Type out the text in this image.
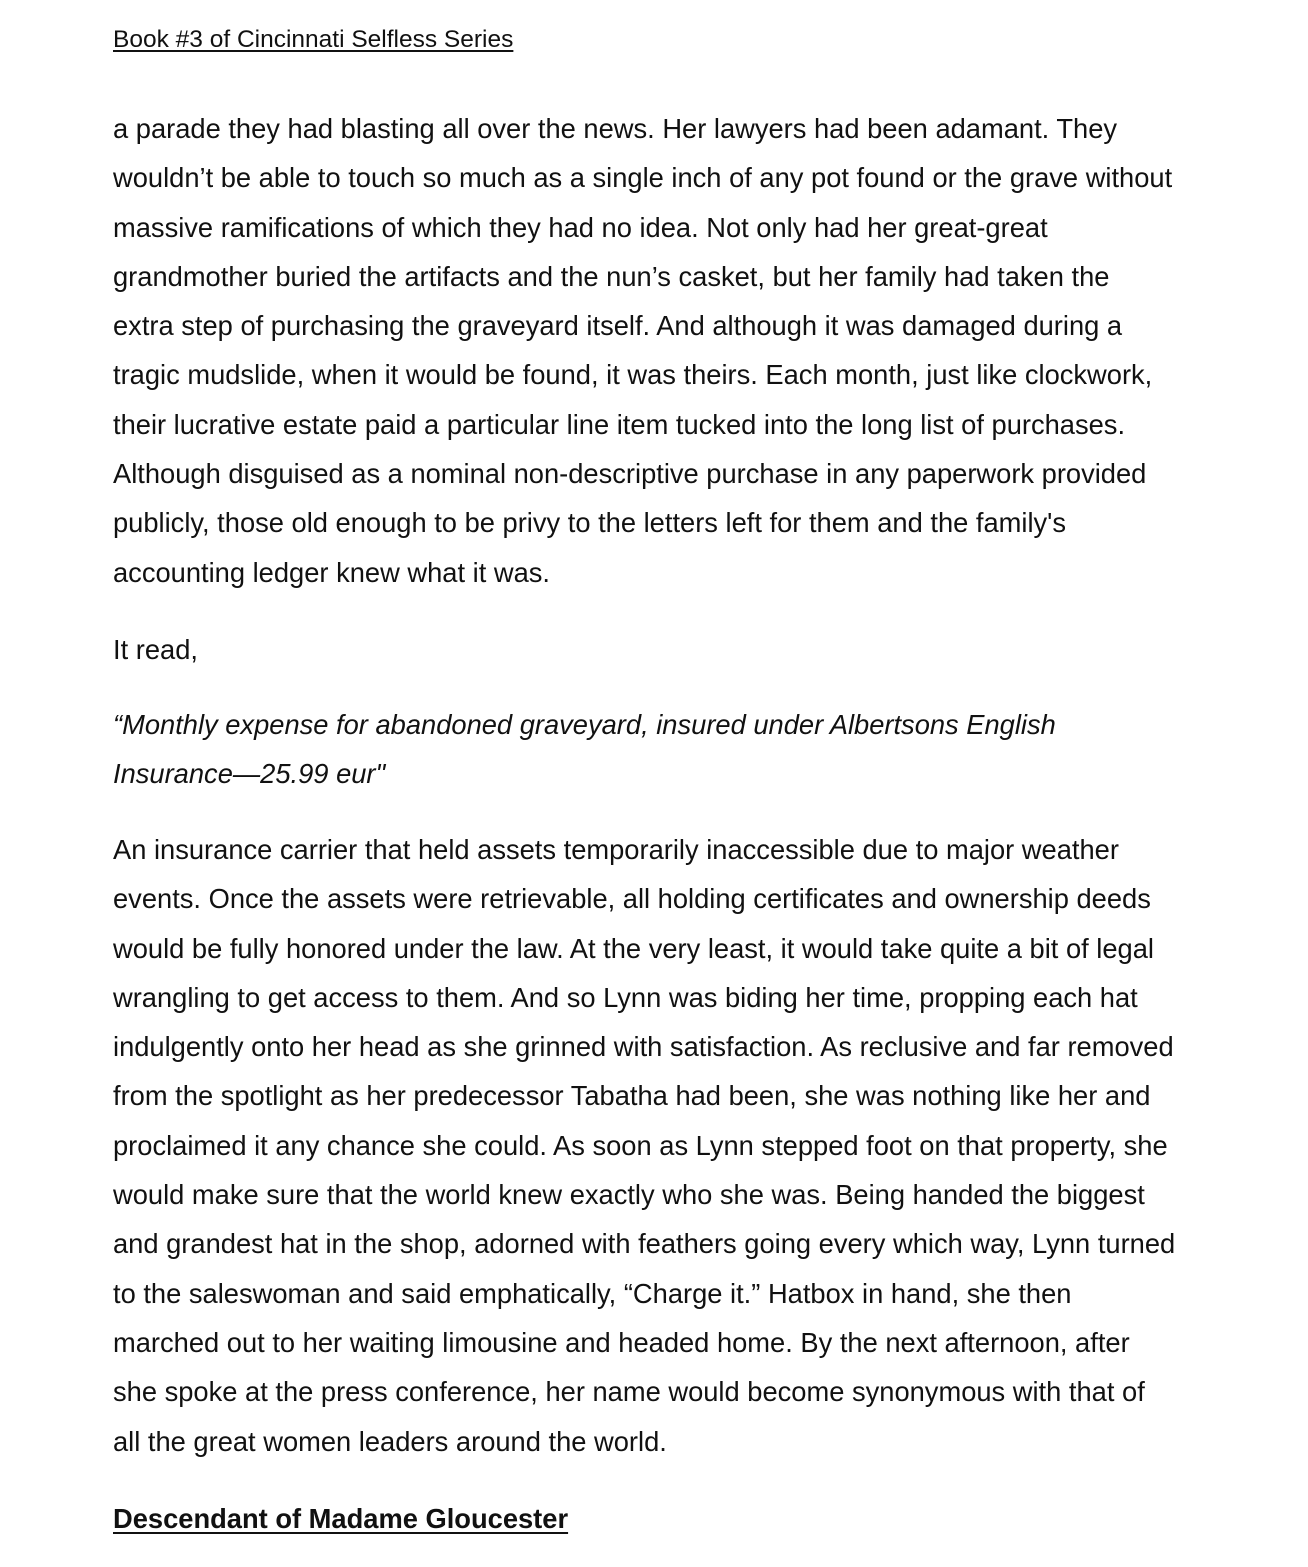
Book #3 of Cincinnati Selfless Series

a parade they had blasting all over the news. Her lawyers had been adamant. They
wouldn’t be able to touch so much as a single inch of any pot found or the grave without
massive ramifications of which they had no idea. Not only had her great-great
grandmother buried the artifacts and the nun’s casket, but her family had taken the
extra step of purchasing the graveyard itself. And although it was damaged during a
tragic mudslide, when it would be found, it was theirs. Each month, just like clockwork,
their lucrative estate paid a particular line item tucked into the long list of purchases.
Although disguised as a nominal non-descriptive purchase in any paperwork provided
publicly, those old enough to be privy to the letters left for them and the family's
accounting ledger knew what it was.

It read,

“Monthly expense for abandoned graveyard, insured under Albertsons English
Insurance—25.99 eur"

An insurance carrier that held assets temporarily inaccessible due to major weather
events. Once the assets were retrievable, all holding certificates and ownership deeds
would be fully honored under the law. At the very least, it would take quite a bit of legal
wrangling to get access to them. And so Lynn was biding her time, propping each hat
indulgently onto her head as she grinned with satisfaction. As reclusive and far removed
from the spotlight as her predecessor Tabatha had been, she was nothing like her and
proclaimed it any chance she could. As soon as Lynn stepped foot on that property, she
would make sure that the world knew exactly who she was. Being handed the biggest
and grandest hat in the shop, adorned with feathers going every which way, Lynn turned
to the saleswoman and said emphatically, “Charge it.” Hatbox in hand, she then
marched out to her waiting limousine and headed home. By the next afternoon, after
she spoke at the press conference, her name would become synonymous with that of
all the great women leaders around the world.

Descendant of Madame Gloucester
